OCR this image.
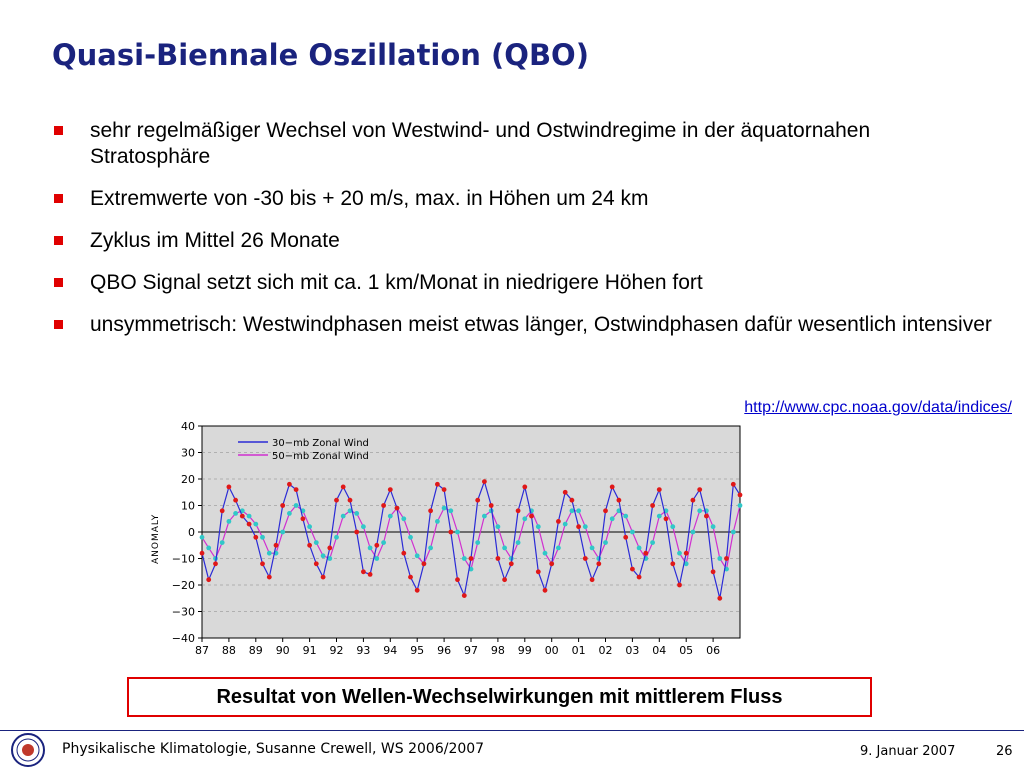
Quasi-Biennale Oszillation (QBO)
sehr regelmäßiger Wechsel von Westwind- und Ostwindregime in der äquatornahen Stratosphäre
Extremwerte von -30 bis + 20 m/s, max. in Höhen um 24 km
Zyklus im Mittel 26 Monate
QBO Signal setzt sich mit ca. 1 km/Monat in niedrigere Höhen fort
unsymmetrisch: Westwindphasen meist etwas länger, Ostwindphasen dafür wesentlich intensiver
http://www.cpc.noaa.gov/data/indices/
40
30
20
10
0
−10
−20
−30
−40
87 88 89 90 91 92 93 94 95 96 97 98 99 00 01 02 03 04 05 06
ANOMALY
30−mb Zonal Wind
50−mb Zonal Wind
Resultat von Wellen-Wechselwirkungen mit mittlerem Fluss
Physikalische Klimatologie, Susanne Crewell, WS 2006/2007	9. Januar 2007	26
